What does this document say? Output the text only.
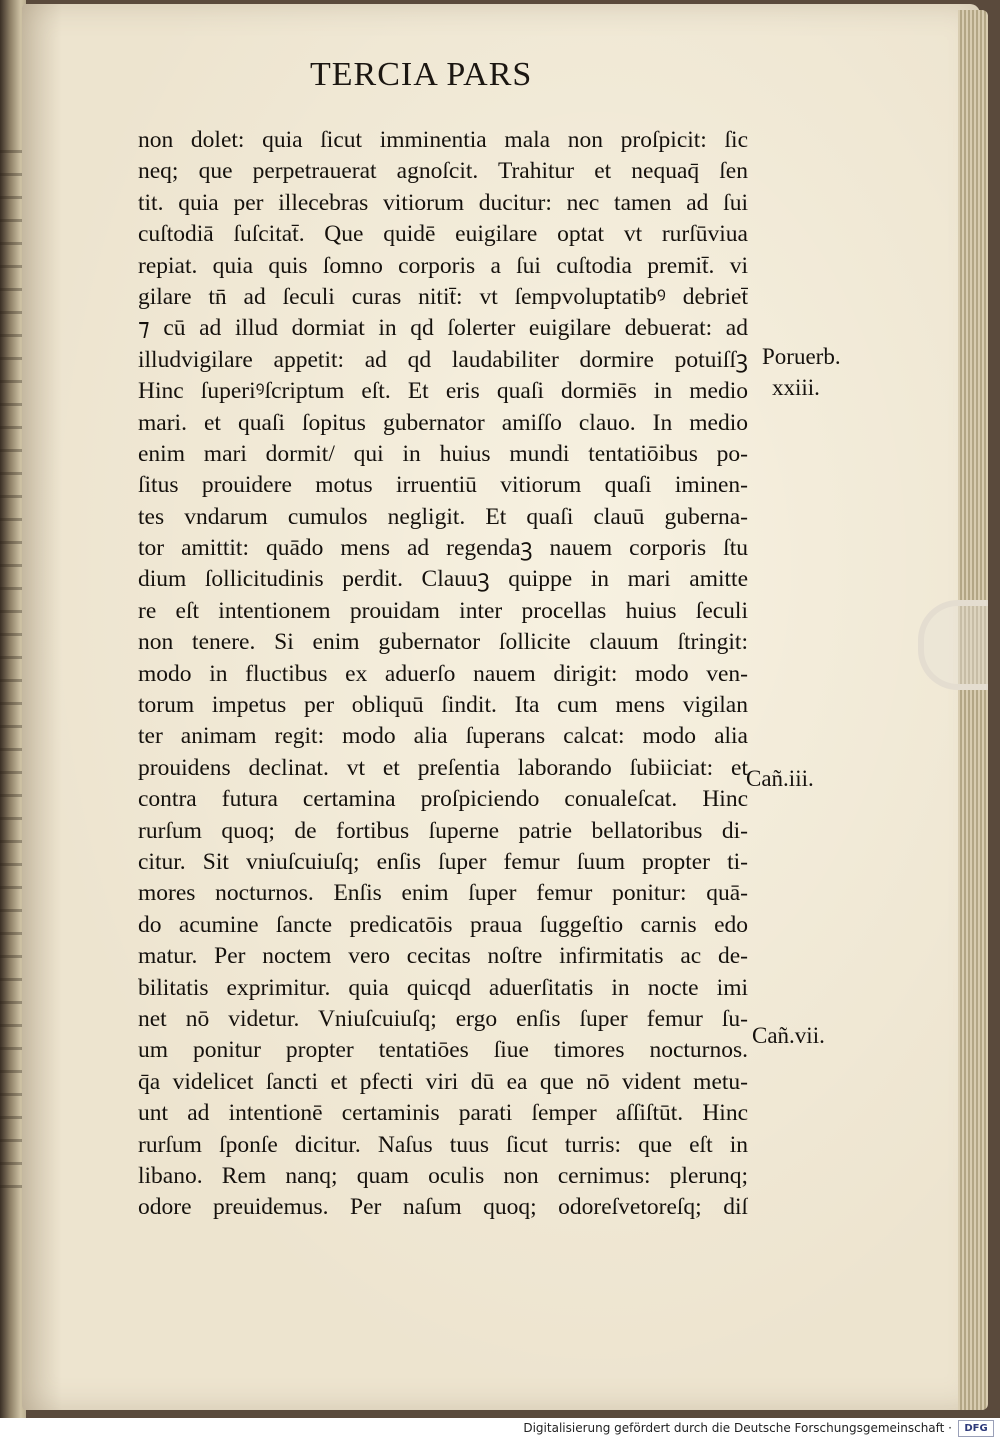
TERCIA PARS
non dolet: quia ſicut imminentia mala non proſpicit: ſic
neq; que perpetrauerat agnoſcit. Trahitur et nequaq̄ ſen
tit. quia per illecebras vitiorum ducitur: nec tamen ad ſui
cuſtodiā ſuſcitat̄. Que quidē euigilare optat vt rurſūviua
repiat. quia quis ſomno corporis a ſui cuſtodia premit̄. vi
gilare tn̄ ad ſeculi curas nitit̄: vt ſempvoluptatibꝰ debriet̄
⁊ cū ad illud dormiat in qd ſolerter euigilare debuerat: ad
illudvigilare appetit: ad qd laudabiliter dormire potuiſſꝫ
Hinc ſuperiꝰſcriptum eſt. Et eris quaſi dormiēs in medio
mari. et quaſi ſopitus gubernator amiſſo clauo. In medio
enim mari dormit/ qui in huius mundi tentatiōibus po-
ſitus prouidere motus irruentiū vitiorum quaſi iminen-
tes vndarum cumulos negligit. Et quaſi clauū guberna-
tor amittit: quādo mens ad regendaꝫ nauem corporis ſtu
dium ſollicitudinis perdit. Clauuꝫ quippe in mari amitte
re eſt intentionem prouidam inter procellas huius ſeculi
non tenere. Si enim gubernator ſollicite clauum ſtringit:
modo in fluctibus ex aduerſo nauem dirigit: modo ven-
torum impetus per obliquū ſindit. Ita cum mens vigilan
ter animam regit: modo alia ſuperans calcat: modo alia
prouidens declinat. vt et preſentia laborando ſubiiciat: et
contra futura certamina proſpiciendo conualeſcat. Hinc
rurſum quoq; de fortibus ſuperne patrie bellatoribus di-
citur. Sit vniuſcuiuſq; enſis ſuper femur ſuum propter ti-
mores nocturnos. Enſis enim ſuper femur ponitur: quā-
do acumine ſancte predicatōis praua ſuggeſtio carnis edo
matur. Per noctem vero cecitas noſtre infirmitatis ac de-
bilitatis exprimitur. quia quicqd aduerſitatis in nocte imi
net nō videtur. Vniuſcuiuſq; ergo enſis ſuper femur ſu-
um ponitur propter tentatiōes ſiue timores nocturnos.
q̄a videlicet ſancti et pfecti viri dū ea que nō vident metu-
unt ad intentionē certaminis parati ſemper aſſiſtūt. Hinc
rurſum ſponſe dicitur. Naſus tuus ſicut turris: que eſt in
libano. Rem nanq; quam oculis non cernimus: plerunq;
odore preuidemus. Per naſum quoq; odoreſvetoreſq; diſ
Poruerb.
xxiii.
Cañ.iii.
Cañ.vii.
Digitalisierung gefördert durch die Deutsche Forschungsgemeinschaft ·	DFG
